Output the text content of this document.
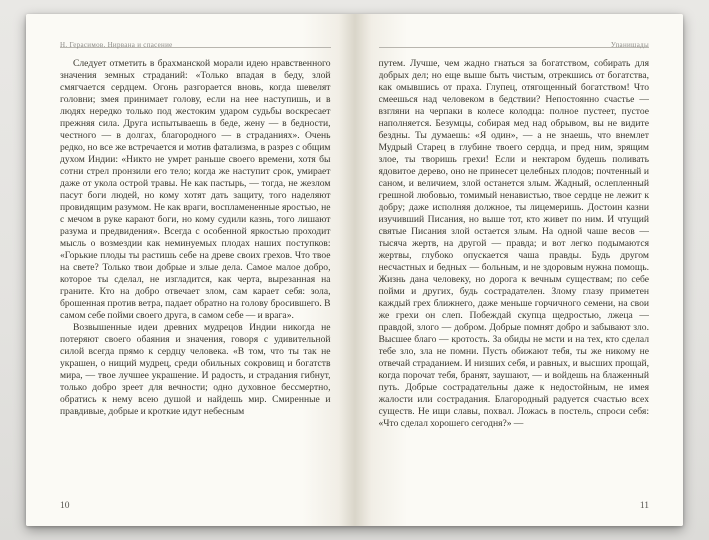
Н. Герасимов. Нирвана и спасение

Следует отметить в брахманской морали идею нравственного значения земных страданий: «Только впадая в беду, злой смягчается сердцем. Огонь разгорается вновь, когда шевелят головни; змея принимает голову, если на нее наступишь, и в людях нередко только под жестоким ударом судьбы воскресает прежняя сила. Друга испытываешь в беде, жену — в бедности, честного — в долгах, благородного — в страданиях». Очень редко, но все же встречается и мотив фатализма, в разрез с общим духом Индии: «Никто не умрет раньше своего времени, хотя бы сотни стрел пронзили его тело; когда же наступит срок, умирает даже от укола острой травы. Не как пастырь, — тогда, не жезлом пасут боги людей, но кому хотят дать защиту, того наделяют провидящим разумом. Не как враги, воспламененные яростью, не с мечом в руке карают боги, но кому судили казнь, того лишают разума и предвидения». Всегда с особенной яркостью проходит мысль о возмездии как неминуемых плодах наших поступков: «Горькие плоды ты растишь себе на древе своих грехов. Что твое на свете? Только твои добрые и злые дела. Самое малое добро, которое ты сделал, не изгладится, как черта, вырезанная на граните. Кто на добро отвечает злом, сам карает себя: зола, брошенная против ветра, падает обратно на голову бросившего. В самом себе пойми своего друга, в самом себе — и врага».

Возвышенные идеи древних мудрецов Индии никогда не потеряют своего обаяния и значения, говоря с удивительной силой всегда прямо к сердцу человека. «В том, что ты так не украшен, о нищий мудрец, среди обильных сокровищ и богатств мира, — твое лучшее украшение. И радость, и страдания гибнут, только добро зреет для вечности; одно духовное бессмертно, обратись к нему всею душой и найдешь мир. Смиренные и правдивые, добрые и кроткие идут небесным

10
Упанишады

путем. Лучше, чем жадно гнаться за богатством, собирать для добрых дел; но еще выше быть чистым, отрекшись от богатства, как омывшись от праха. Глупец, отягощенный богатством! Что смеешься над человеком в бедствии? Непостоянно счастье — взгляни на черпаки в колесе колодца: полное пустеет, пустое наполняется. Безумцы, собирая мед над обрывом, вы не видите бездны. Ты думаешь: «Я один», — а не знаешь, что внемлет Мудрый Старец в глубине твоего сердца, и пред ним, зрящим злое, ты творишь грехи! Если и нектаром будешь поливать ядовитое дерево, оно не принесет целебных плодов; почтенный и саном, и величием, злой останется злым. Жадный, ослепленный грешной любовью, томимый ненавистью, твое сердце не лежит к добру; даже исполняя должное, ты лицемеришь. Достоин казни изучивший Писания, но выше тот, кто живет по ним. И чтущий святые Писания злой остается злым. На одной чаше весов — тысяча жертв, на другой — правда; и вот легко подымаются жертвы, глубоко опускается чаша правды. Будь другом несчастных и бедных — больным, и не здоровым нужна помощь. Жизнь дана человеку, но дорога к вечным существам; по себе пойми и других, будь сострадателен. Злому глазу приметен каждый грех ближнего, даже меньше горчичного семени, на свои же грехи он слеп. Побеждай скупца щедростью, лжеца — правдой, злого — добром. Добрые помнят добро и забывают зло. Высшее благо — кротость. За обиды не мсти и на тех, кто сделал тебе зло, зла не помни. Пусть обижают тебя, ты же никому не отвечай страданием. И низших себя, и равных, и высших прощай, когда порочат тебя, бранят, заушают, — и войдешь на блаженный путь. Добрые сострадательны даже к недостойным, не имея жалости или сострадания. Благородный радуется счастью всех существ. Не ищи славы, похвал. Ложась в постель, спроси себя: «Что сделал хорошего сегодня?» —

11
